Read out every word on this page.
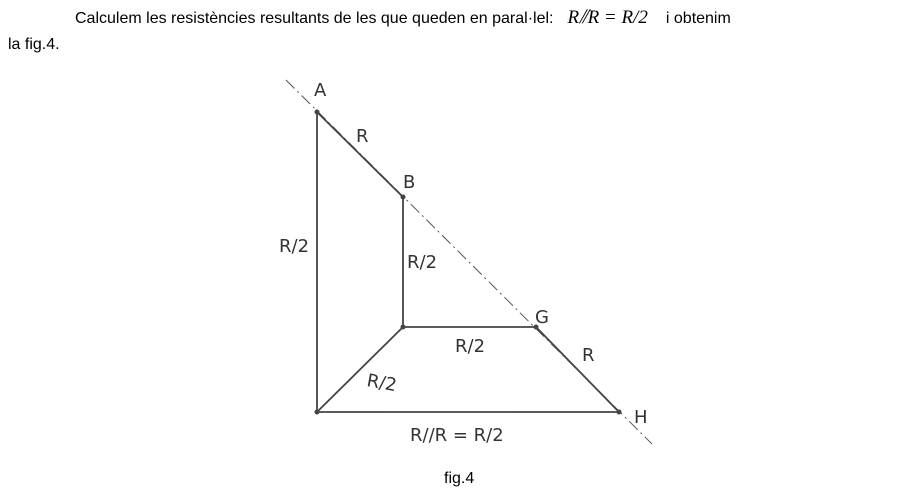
Calculem les resistències resultants de les que queden en paral·lel: R⫽R = R/2 i obtenim
la fig.4.
A
B
G
H
R
R/2
R/2
R/2
R/2
R
R//R = R/2
fig.4
